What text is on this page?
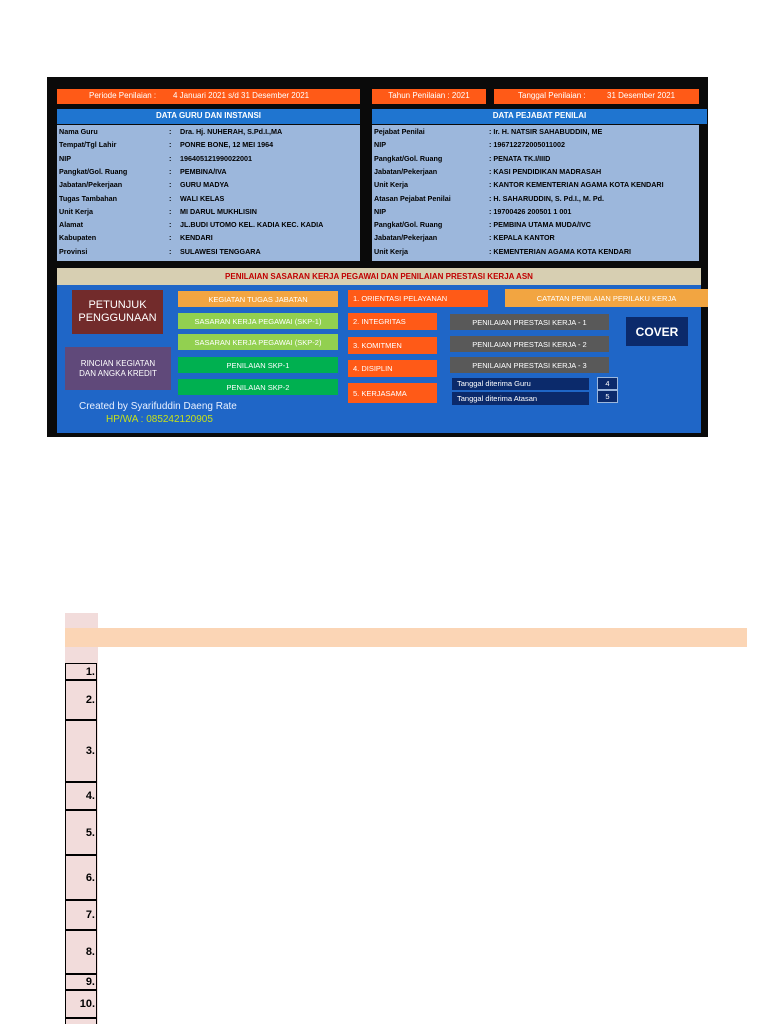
Periode Penilaian : 4 Januari 2021 s/d 31 Desember 2021	Tahun Penilaian : 2021	Tanggal Penilaian :	31 Desember 2021
DATA GURU DAN INSTANSI
Nama Guru	: Dra. Hj. NUHERAH, S.Pd.I.,MA
Tempat/Tgl Lahir	: PONRE BONE, 12 MEI 1964
NIP	: 196405121990022001
Pangkat/Gol. Ruang	: PEMBINA/IVA
Jabatan/Pekerjaan	: GURU MADYA
Tugas Tambahan	: WALI KELAS
Unit Kerja	: MI DARUL MUKHLISIN
Alamat	: JL.BUDI UTOMO KEL. KADIA KEC. KADIA
Kabupaten	: KENDARI
Provinsi	: SULAWESI TENGGARA
DATA PEJABAT PENILAI
Pejabat Penilai	: Ir. H. NATSIR SAHABUDDIN, ME
NIP	: 196712272005011002
Pangkat/Gol. Ruang	: PENATA TK.I/IIID
Jabatan/Pekerjaan	: KASI PENDIDIKAN MADRASAH
Unit Kerja	: KANTOR KEMENTERIAN AGAMA KOTA KENDARI
Atasan Pejabat Penilai	: H. SAHARUDDIN, S. Pd.I., M. Pd.
NIP	: 19700426 200501 1 001
Pangkat/Gol. Ruang	: PEMBINA UTAMA MUDA/IVC
Jabatan/Pekerjaan	: KEPALA KANTOR
Unit Kerja	: KEMENTERIAN AGAMA KOTA KENDARI
PENILAIAN SASARAN KERJA PEGAWAI DAN PENILAIAN PRESTASI KERJA ASN
PETUNJUK
PENGGUNAAN
RINCIAN KEGIATAN
DAN ANGKA KREDIT
KEGIATAN TUGAS JABATAN
SASARAN KERJA PEGAWAI (SKP-1)
SASARAN KERJA PEGAWAI (SKP-2)
PENILAIAN SKP-1
PENILAIAN SKP-2
1. ORIENTASI PELAYANAN
2. INTEGRITAS
3. KOMITMEN
4. DISIPLIN
5. KERJASAMA
CATATAN PENILAIAN PERILAKU KERJA
PENILAIAN PRESTASI KERJA - 1
PENILAIAN PRESTASI KERJA - 2
PENILAIAN PRESTASI KERJA - 3
COVER
Tanggal diterima Guru	4
Tanggal diterima Atasan	5
Created by Syarifuddin Daeng Rate
HP/WA : 085242120905
1.
2.
3.
4.
5.
6.
7.
8.
9.
10.
